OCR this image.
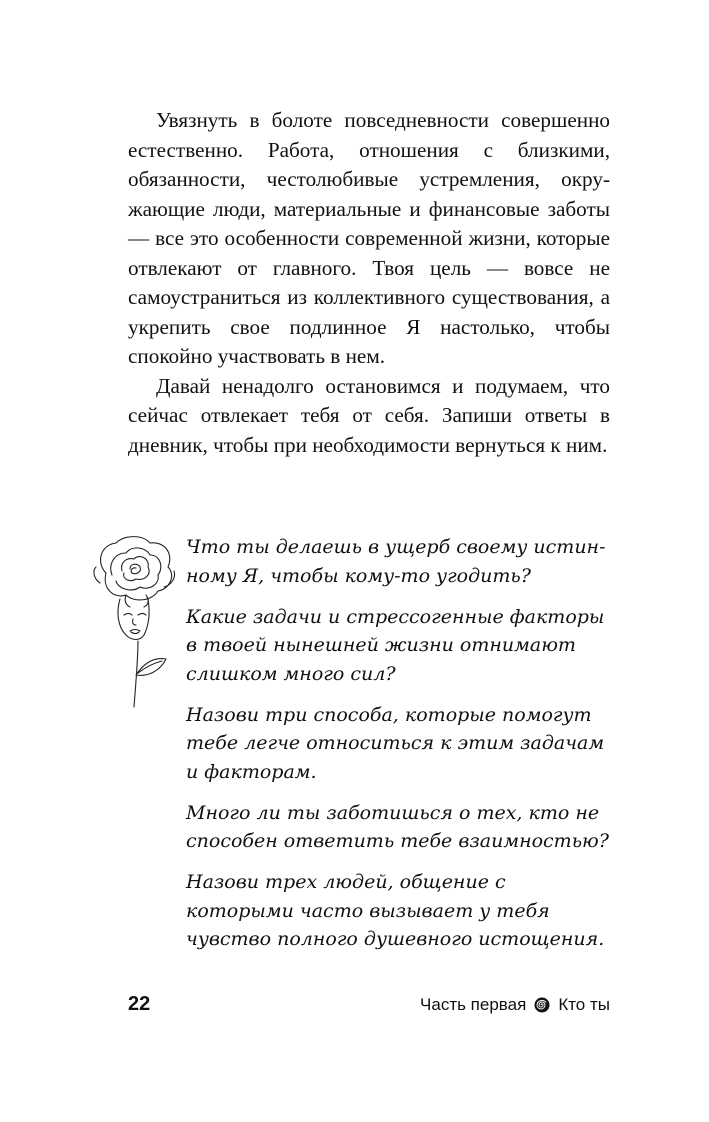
Увязнуть в болоте повседневности совершенно естественно. Работа, отношения с близкими, обязанности, честолюбивые устремления, окружающие люди, материальные и финансовые заботы — все это особенности современной жизни, которые отвлекают от главного. Твоя цель — вовсе не самоустраниться из коллективного существования, а укрепить свое подлинное Я настолько, чтобы спокойно участвовать в нем.

Давай ненадолго остановимся и подумаем, что сейчас отвлекает тебя от себя. Запиши ответы в дневник, чтобы при необходимости вернуться к ним.

Что ты делаешь в ущерб своему истинному Я, чтобы кому-то угодить?

Какие задачи и стрессогенные факторы в твоей нынешней жизни отнимают слишком много сил?

Назови три способа, которые помогут тебе легче относиться к этим задачам и факторам.

Много ли ты заботишься о тех, кто не способен ответить тебе взаимностью?

Назови трех людей, общение с которыми часто вызывает у тебя чувство полного душевного истощения.

22	Часть первая Кто ты
